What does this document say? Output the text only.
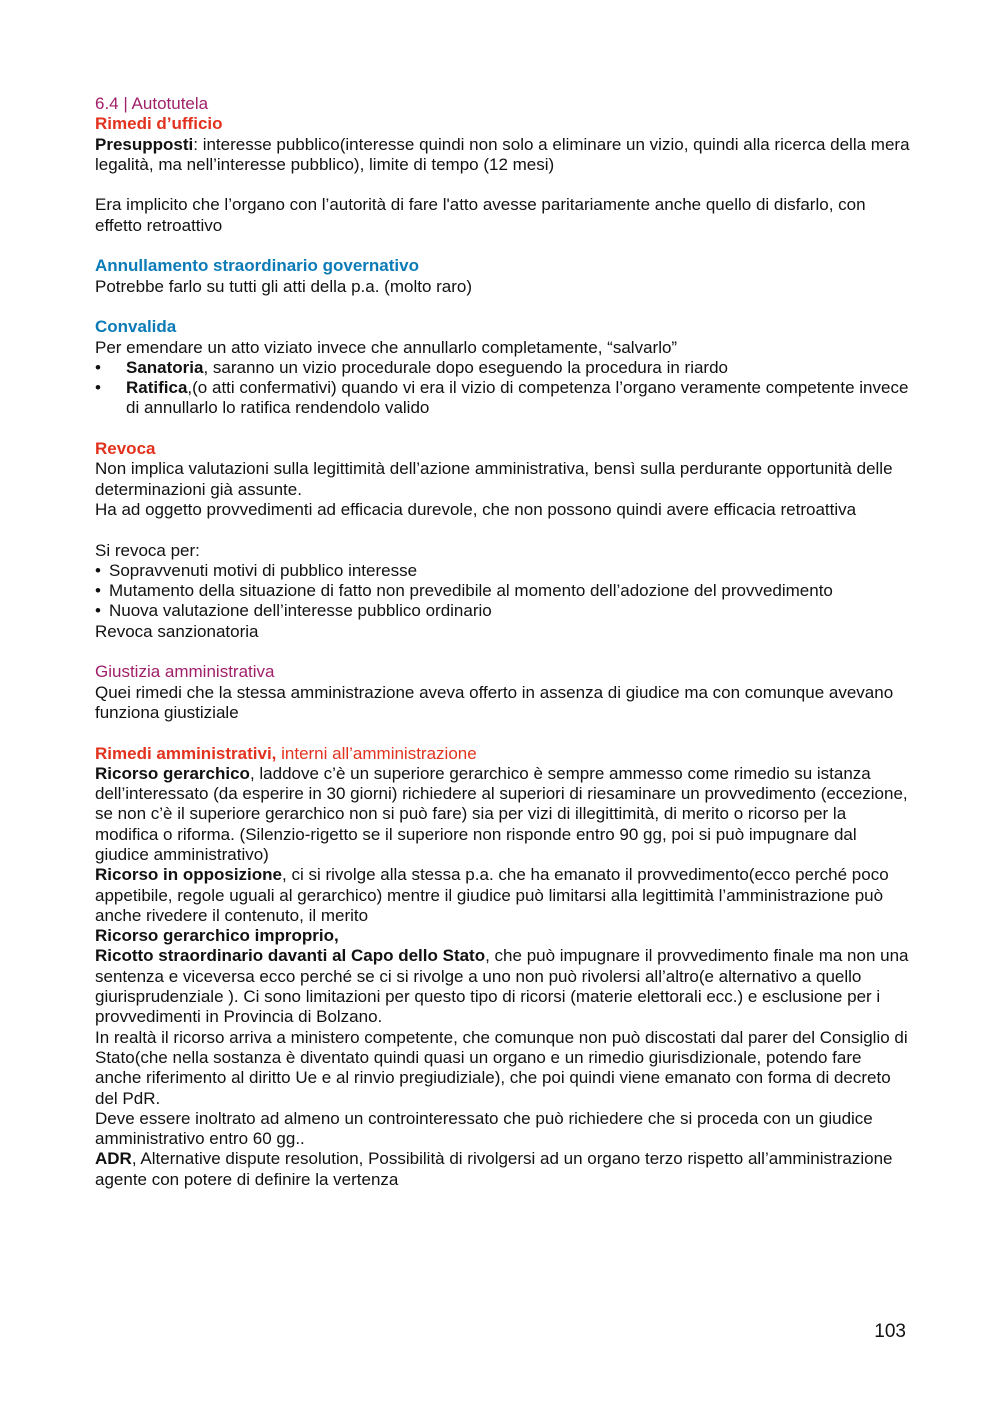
6.4 | Autotutela

Rimedi d’ufficio

Presupposti: interesse pubblico(interesse quindi non solo a eliminare un vizio, quindi alla ricerca della mera legalità, ma nell’interesse pubblico), limite di tempo (12 mesi)

Era implicito che l’organo con l’autorità di fare l'atto avesse paritariamente anche quello di disfarlo, con effetto retroattivo

Annullamento straordinario governativo

Potrebbe farlo su tutti gli atti della p.a. (molto raro)

Convalida

Per emendare un atto viziato invece che annullarlo completamente, “salvarlo”

•	Sanatoria, saranno un vizio procedurale dopo eseguendo la procedura in riardo
•	Ratifica,(o atti confermativi) quando vi era il vizio di competenza l’organo veramente competente invece di annullarlo lo ratifica rendendolo valido

Revoca

Non implica valutazioni sulla legittimità dell’azione amministrativa, bensì sulla perdurante opportunità delle determinazioni già assunte.

Ha ad oggetto provvedimenti ad efficacia durevole, che non possono quindi avere efficacia retroattiva

Si revoca per:

• Sopravvenuti motivi di pubblico interesse
• Mutamento della situazione di fatto non prevedibile al momento dell’adozione del provvedimento
• Nuova valutazione dell’interesse pubblico ordinario

Revoca sanzionatoria

Giustizia amministrativa

Quei rimedi che la stessa amministrazione aveva offerto in assenza di giudice ma con comunque avevano funziona giustiziale

Rimedi amministrativi, interni all’amministrazione

Ricorso gerarchico, laddove c’è un superiore gerarchico è sempre ammesso come rimedio su istanza dell’interessato (da esperire in 30 giorni) richiedere al superiori di riesaminare un provvedimento (eccezione, se non c’è il superiore gerarchico non si può fare) sia per vizi di illegittimità, di merito o ricorso per la modifica o riforma. (Silenzio-rigetto se il superiore non risponde entro 90 gg, poi si può impugnare dal giudice amministrativo)

Ricorso in opposizione, ci si rivolge alla stessa p.a. che ha emanato il provvedimento(ecco perché poco appetibile, regole uguali al gerarchico) mentre il giudice può limitarsi alla legittimità l’amministrazione può anche rivedere il contenuto, il merito

Ricorso gerarchico improprio,

Ricotto straordinario davanti al Capo dello Stato, che può impugnare il provvedimento finale ma non una sentenza e viceversa ecco perché se ci si rivolge a uno non può rivolersi all’altro(e alternativo a quello giurisprudenziale ). Ci sono limitazioni per questo tipo di ricorsi (materie elettorali ecc.) e esclusione per i provvedimenti in Provincia di Bolzano.

In realtà il ricorso arriva a ministero competente, che comunque non può discostati dal parer del Consiglio di Stato(che nella sostanza è diventato quindi quasi un organo e un rimedio giurisdizionale, potendo fare anche riferimento al diritto Ue e al rinvio pregiudiziale), che poi quindi viene emanato con forma di decreto del PdR.

Deve essere inoltrato ad almeno un controinteressato che può richiedere che si proceda con un giudice amministrativo entro 60 gg..

ADR, Alternative dispute resolution, Possibilità di rivolgersi ad un organo terzo rispetto all’amministrazione agente con potere di definire la vertenza

103
